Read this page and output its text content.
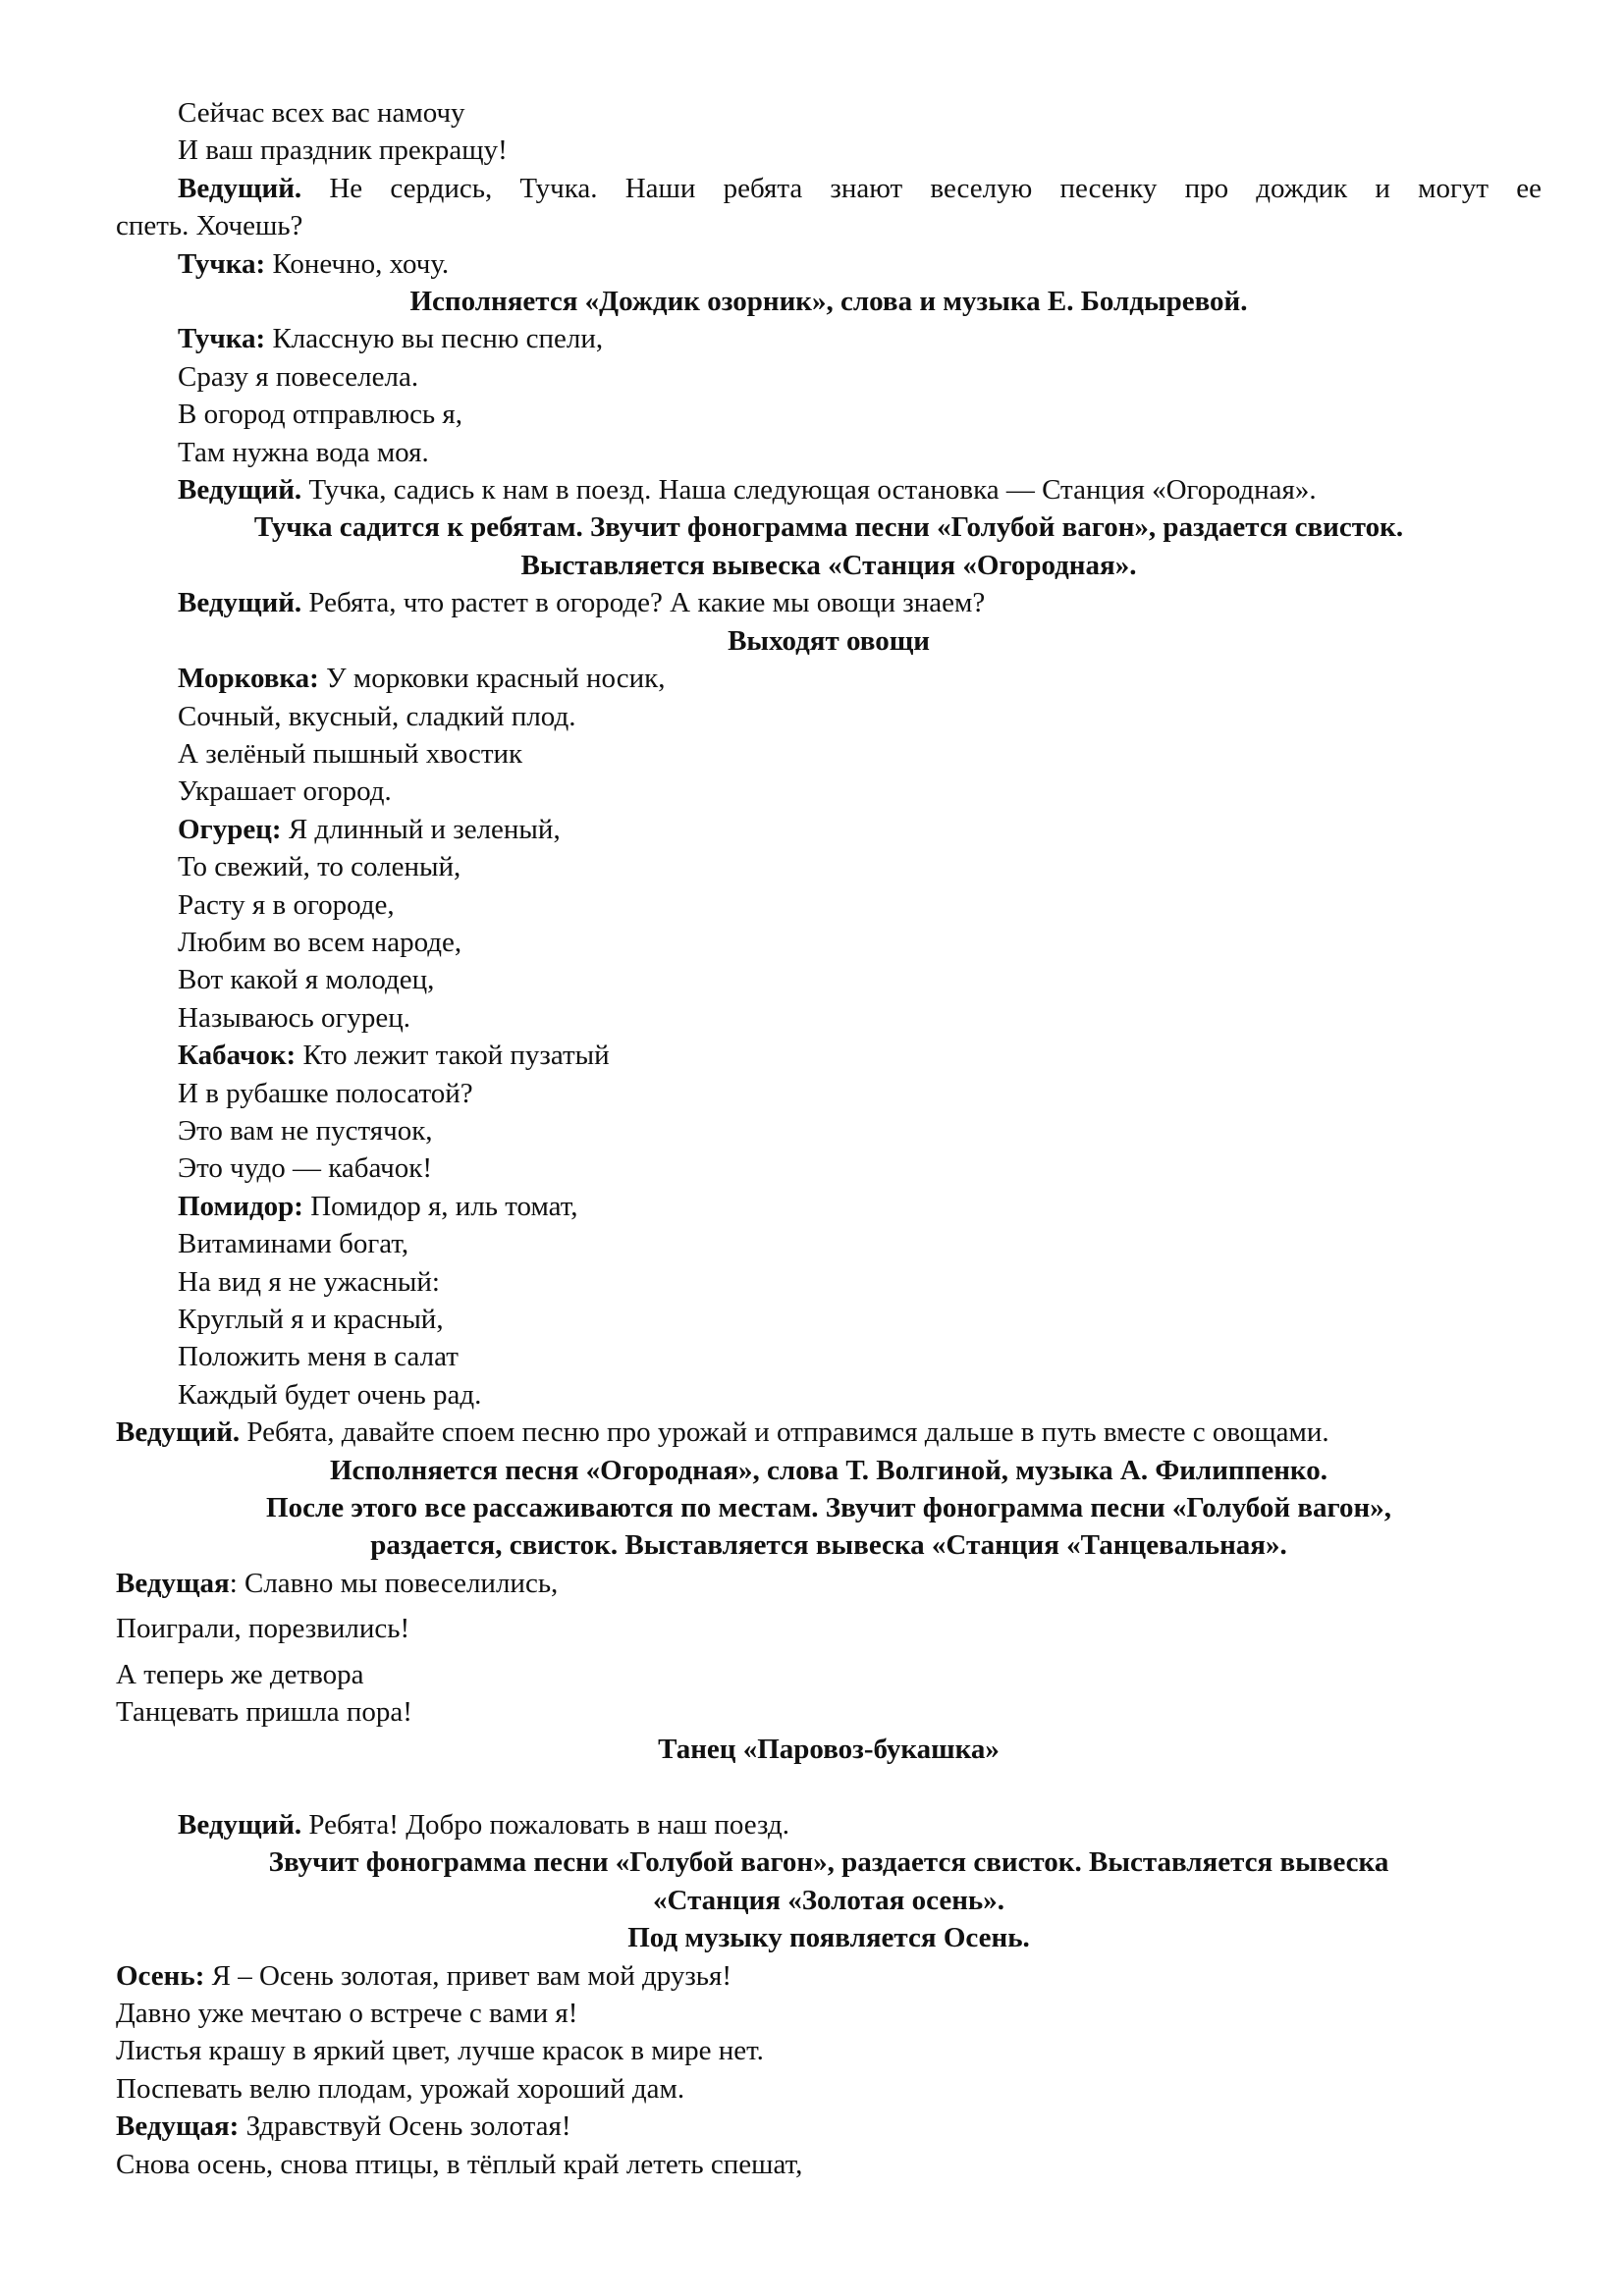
Сейчас всех вас намочу
И ваш праздник прекращу!
Ведущий. Не сердись, Тучка. Наши ребята знают веселую песенку про дождик и могут ее
спеть. Хочешь?
Тучка: Конечно, хочу.
Исполняется «Дождик озорник», слова и музыка Е. Болдыревой.
Тучка: Классную вы песню спели,
Сразу я повеселела.
В огород отправлюсь я,
Там нужна вода моя.
Ведущий. Тучка, садись к нам в поезд. Наша следующая остановка — Станция «Огородная».
Тучка садится к ребятам. Звучит фонограмма песни «Голубой вагон», раздается свисток.
Выставляется вывеска «Станция «Огородная».
Ведущий. Ребята, что растет в огороде? А какие мы овощи знаем?
Выходят овощи
Морковка: У морковки красный носик,
Сочный, вкусный, сладкий плод.
А зелёный пышный хвостик
Украшает огород.
Огурец: Я длинный и зеленый,
То свежий, то соленый,
Расту я в огороде,
Любим во всем народе,
Вот какой я молодец,
Называюсь огурец.
Кабачок: Кто лежит такой пузатый
И в рубашке полосатой?
Это вам не пустячок,
Это чудо — кабачок!
Помидор: Помидор я, иль томат,
Витаминами богат,
На вид я не ужасный:
Круглый я и красный,
Положить меня в салат
Каждый будет очень рад.
Ведущий. Ребята, давайте споем песню про урожай и отправимся дальше в путь вместе с овощами.
Исполняется песня «Огородная», слова Т. Волгиной, музыка А. Филиппенко.
После этого все рассаживаются по местам. Звучит фонограмма песни «Голубой вагон»,
раздается, свисток. Выставляется вывеска «Станция «Танцевальная».
Ведущая: Славно мы повеселились,
Поиграли, порезвились!
А теперь же детвора
Танцевать пришла пора!
Танец «Паровоз-букашка»
Ведущий. Ребята! Добро пожаловать в наш поезд.
Звучит фонограмма песни «Голубой вагон», раздается свисток. Выставляется вывеска
«Станция «Золотая осень».
Под музыку появляется Осень.
Осень: Я – Осень золотая, привет вам мой друзья!
Давно уже мечтаю о встрече с вами я!
Листья крашу в яркий цвет, лучше красок в мире нет.
Поспевать велю плодам, урожай хороший дам.
Ведущая: Здравствуй Осень золотая!
Снова осень, снова птицы, в тёплый край лететь спешат,
